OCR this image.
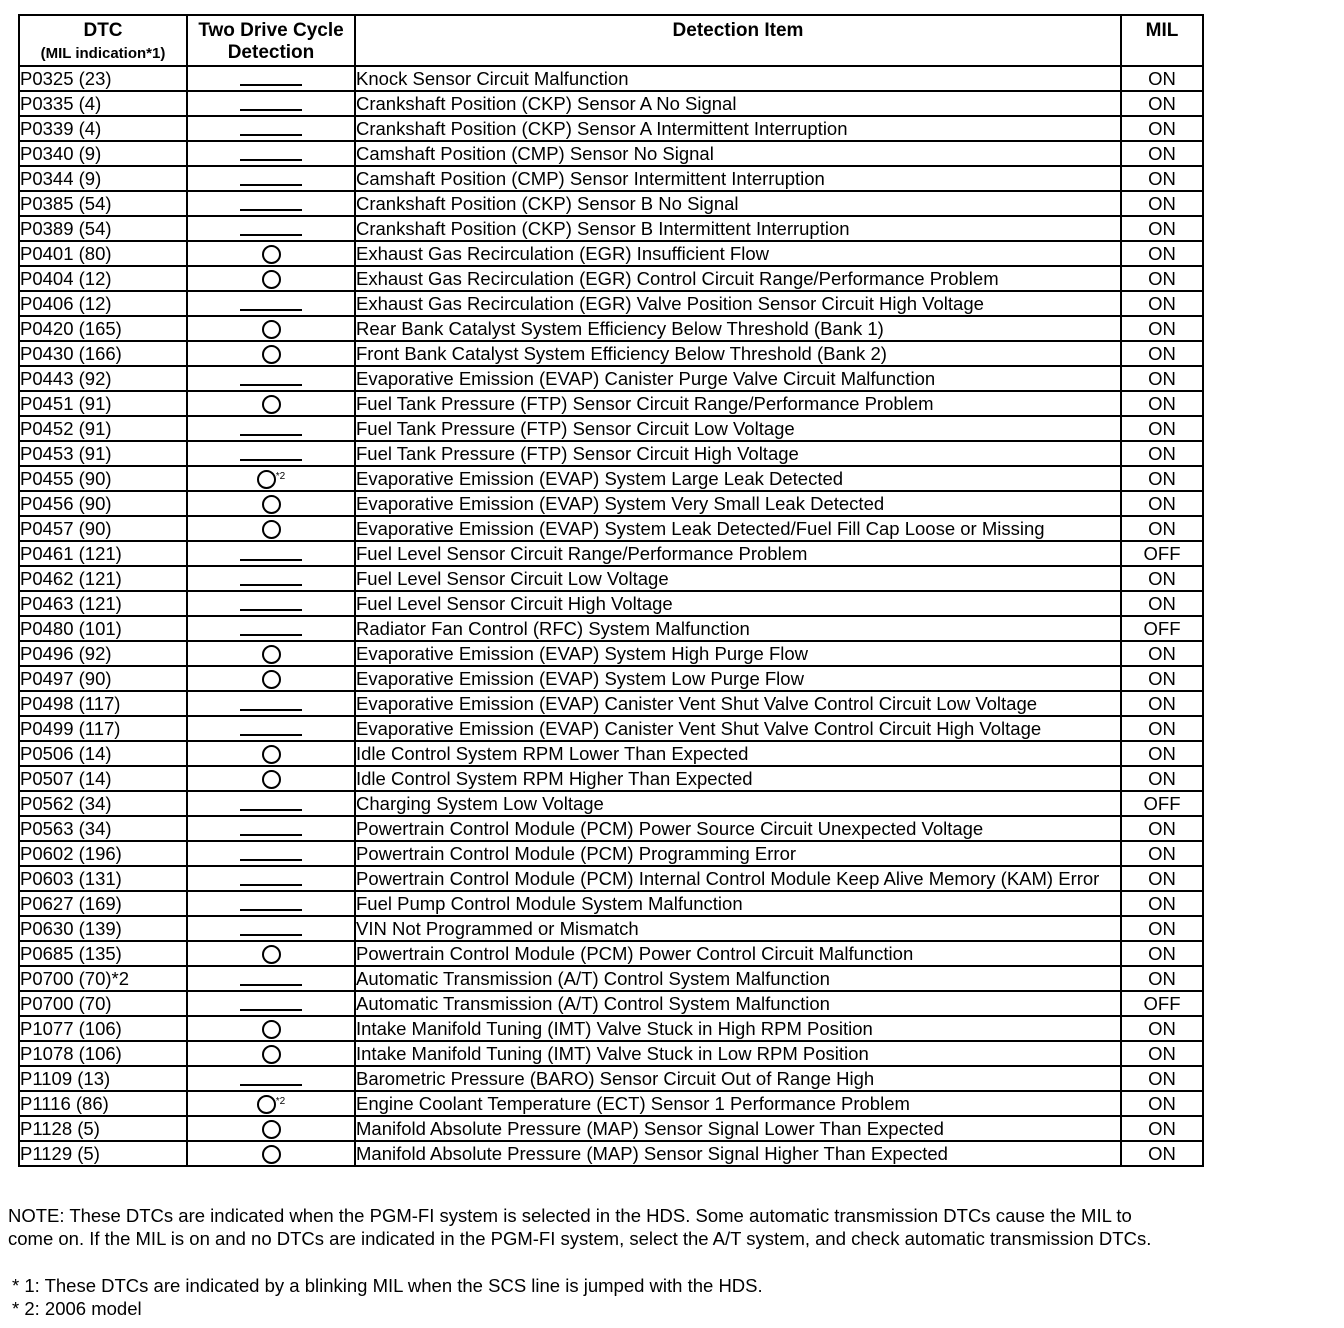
DTC
(MIL indication*1)	Two Drive Cycle Detection	Detection Item	MIL
P0325 (23)		Knock Sensor Circuit Malfunction	ON
P0335 (4)		Crankshaft Position (CKP) Sensor A No Signal	ON
P0339 (4)		Crankshaft Position (CKP) Sensor A Intermittent Interruption	ON
P0340 (9)		Camshaft Position (CMP) Sensor No Signal	ON
P0344 (9)		Camshaft Position (CMP) Sensor Intermittent Interruption	ON
P0385 (54)		Crankshaft Position (CKP) Sensor B No Signal	ON
P0389 (54)		Crankshaft Position (CKP) Sensor B Intermittent Interruption	ON
P0401 (80)		Exhaust Gas Recirculation (EGR) Insufficient Flow	ON
P0404 (12)		Exhaust Gas Recirculation (EGR) Control Circuit Range/Performance Problem	ON
P0406 (12)		Exhaust Gas Recirculation (EGR) Valve Position Sensor Circuit High Voltage	ON
P0420 (165)		Rear Bank Catalyst System Efficiency Below Threshold (Bank 1)	ON
P0430 (166)		Front Bank Catalyst System Efficiency Below Threshold (Bank 2)	ON
P0443 (92)		Evaporative Emission (EVAP) Canister Purge Valve Circuit Malfunction	ON
P0451 (91)		Fuel Tank Pressure (FTP) Sensor Circuit Range/Performance Problem	ON
P0452 (91)		Fuel Tank Pressure (FTP) Sensor Circuit Low Voltage	ON
P0453 (91)		Fuel Tank Pressure (FTP) Sensor Circuit High Voltage	ON
P0455 (90)	$^{*2}$	Evaporative Emission (EVAP) System Large Leak Detected	ON
P0456 (90)		Evaporative Emission (EVAP) System Very Small Leak Detected	ON
P0457 (90)		Evaporative Emission (EVAP) System Leak Detected/Fuel Fill Cap Loose or Missing	ON
P0461 (121)		Fuel Level Sensor Circuit Range/Performance Problem	OFF
P0462 (121)		Fuel Level Sensor Circuit Low Voltage	ON
P0463 (121)		Fuel Level Sensor Circuit High Voltage	ON
P0480 (101)		Radiator Fan Control (RFC) System Malfunction	OFF
P0496 (92)		Evaporative Emission (EVAP) System High Purge Flow	ON
P0497 (90)		Evaporative Emission (EVAP) System Low Purge Flow	ON
P0498 (117)		Evaporative Emission (EVAP) Canister Vent Shut Valve Control Circuit Low Voltage	ON
P0499 (117)		Evaporative Emission (EVAP) Canister Vent Shut Valve Control Circuit High Voltage	ON
P0506 (14)		Idle Control System RPM Lower Than Expected	ON
P0507 (14)		Idle Control System RPM Higher Than Expected	ON
P0562 (34)		Charging System Low Voltage	OFF
P0563 (34)		Powertrain Control Module (PCM) Power Source Circuit Unexpected Voltage	ON
P0602 (196)		Powertrain Control Module (PCM) Programming Error	ON
P0603 (131)		Powertrain Control Module (PCM) Internal Control Module Keep Alive Memory (KAM) Error	ON
P0627 (169)		Fuel Pump Control Module System Malfunction	ON
P0630 (139)		VIN Not Programmed or Mismatch	ON
P0685 (135)		Powertrain Control Module (PCM) Power Control Circuit Malfunction	ON
P0700 (70)*2		Automatic Transmission (A/T) Control System Malfunction	ON
P0700 (70)		Automatic Transmission (A/T) Control System Malfunction	OFF
P1077 (106)		Intake Manifold Tuning (IMT) Valve Stuck in High RPM Position	ON
P1078 (106)		Intake Manifold Tuning (IMT) Valve Stuck in Low RPM Position	ON
P1109 (13)		Barometric Pressure (BARO) Sensor Circuit Out of Range High	ON
P1116 (86)	$^{*2}$	Engine Coolant Temperature (ECT) Sensor 1 Performance Problem	ON
P1128 (5)		Manifold Absolute Pressure (MAP) Sensor Signal Lower Than Expected	ON
P1129 (5)		Manifold Absolute Pressure (MAP) Sensor Signal Higher Than Expected	ON
NOTE: These DTCs are indicated when the PGM-FI system is selected in the HDS. Some automatic transmission DTCs cause the MIL to
come on. If the MIL is on and no DTCs are indicated in the PGM-FI system, select the A/T system, and check automatic transmission DTCs.
* 1: These DTCs are indicated by a blinking MIL when the SCS line is jumped with the HDS.
* 2: 2006 model
